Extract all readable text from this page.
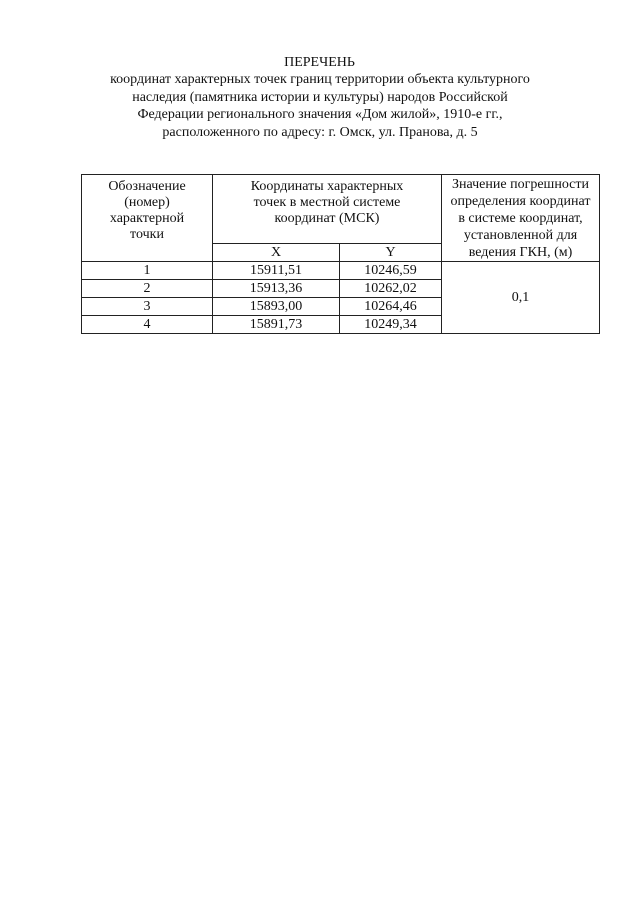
ПЕРЕЧЕНЬ
координат характерных точек границ территории объекта культурного
наследия (памятника истории и культуры) народов Российской
Федерации регионального значения «Дом жилой», 1910-е гг.,
расположенного по адресу: г. Омск, ул. Пранова, д. 5
Обозначение
(номер)
характерной
точки	Координаты характерных
точек в местной системе
координат (МСК)		Значение погрешности
определения координат
в системе координат,
установленной для
ведения ГКН, (м)

	X	Y	
1	15911,51	10246,59	0,1
2	15913,36	10262,02	
3	15893,00	10264,46	
4	15891,73	10249,34	
